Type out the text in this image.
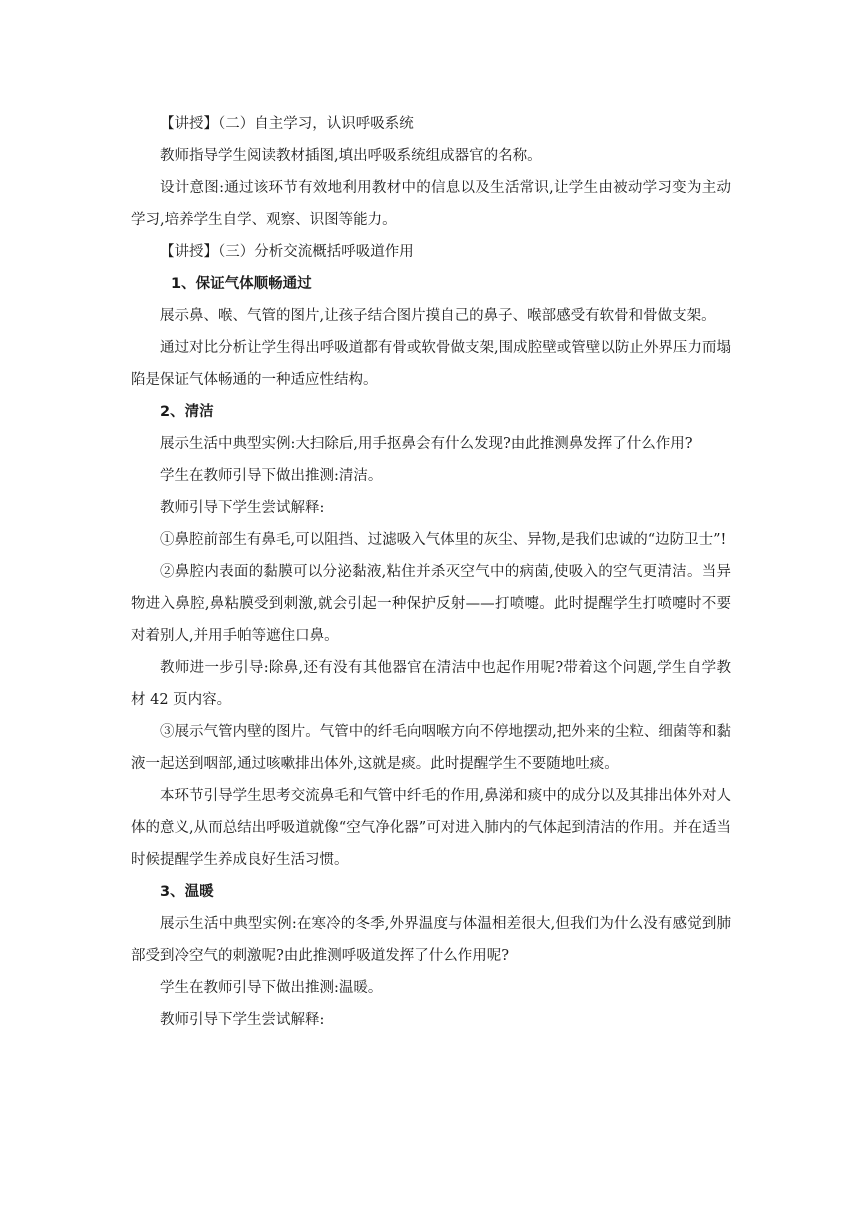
【讲授】（二）自主学习，认识呼吸系统

教师指导学生阅读教材插图,填出呼吸系统组成器官的名称。

设计意图:通过该环节有效地利用教材中的信息以及生活常识,让学生由被动学习变为主动学习,培养学生自学、观察、识图等能力。

【讲授】（三）分析交流概括呼吸道作用

1、保证气体顺畅通过

展示鼻、喉、气管的图片,让孩子结合图片摸自己的鼻子、喉部感受有软骨和骨做支架。

通过对比分析让学生得出呼吸道都有骨或软骨做支架,围成腔壁或管壁以防止外界压力而塌陷是保证气体畅通的一种适应性结构。

2、清洁

展示生活中典型实例:大扫除后,用手抠鼻会有什么发现?由此推测鼻发挥了什么作用?

学生在教师引导下做出推测:清洁。

教师引导下学生尝试解释:

①鼻腔前部生有鼻毛,可以阻挡、过滤吸入气体里的灰尘、异物,是我们忠诚的“边防卫士”!

②鼻腔内表面的黏膜可以分泌黏液,粘住并杀灭空气中的病菌,使吸入的空气更清洁。当异物进入鼻腔,鼻粘膜受到刺激,就会引起一种保护反射——打喷嚏。此时提醒学生打喷嚏时不要对着别人,并用手帕等遮住口鼻。

教师进一步引导:除鼻,还有没有其他器官在清洁中也起作用呢?带着这个问题,学生自学教材 42 页内容。

③展示气管内壁的图片。气管中的纤毛向咽喉方向不停地摆动,把外来的尘粒、细菌等和黏液一起送到咽部,通过咳嗽排出体外,这就是痰。此时提醒学生不要随地吐痰。

本环节引导学生思考交流鼻毛和气管中纤毛的作用,鼻涕和痰中的成分以及其排出体外对人体的意义,从而总结出呼吸道就像“空气净化器”可对进入肺内的气体起到清洁的作用。并在适当时候提醒学生养成良好生活习惯。

3、温暖

展示生活中典型实例:在寒冷的冬季,外界温度与体温相差很大,但我们为什么没有感觉到肺部受到冷空气的刺激呢?由此推测呼吸道发挥了什么作用呢?

学生在教师引导下做出推测:温暖。

教师引导下学生尝试解释:
